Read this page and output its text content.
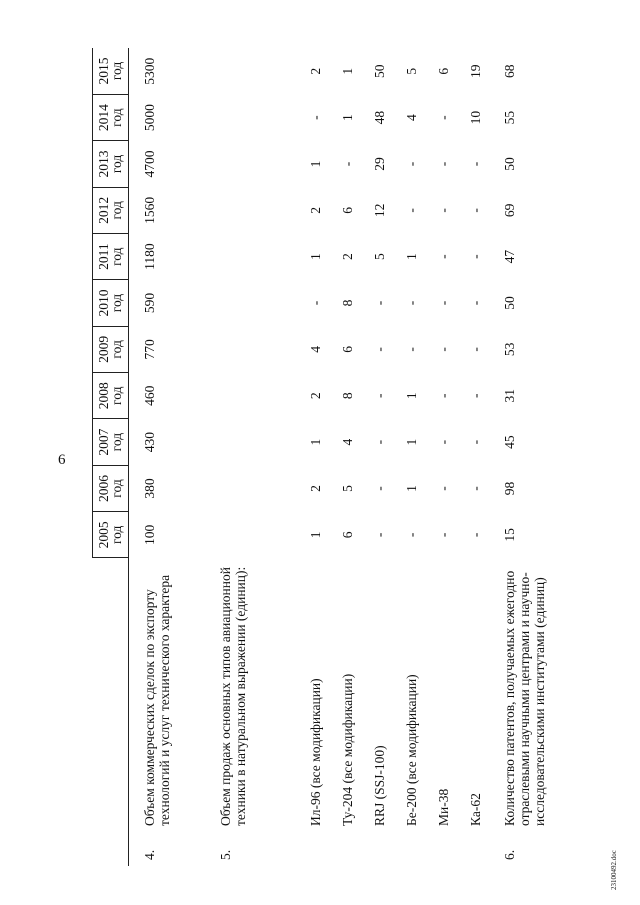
6
		2005 год	2006 год	2007 год	2008 год	2009 год	2010 год	2011 год	2012 год	2013 год	2014 год	2015 год
4.	Объем коммерческих сделок по экспорту технологий и услуг технического характера	100	380	430	460	770	590	1180	1560	4700	5000	5300
5.	Объем продаж основных типов авиационной техники в натуральном выражении (единиц):											
	Ил-96 (все модификации)	1	2	1	2	4	-	1	2	1	-	2
	Ту-204 (все модификации)	6	5	4	8	6	8	2	6	-	1	1
	RRJ (SSJ-100)	-	-	-	-	-	-	5	12	29	48	50
	Бе-200 (все модификации)	-	1	1	1	-	-	1	-	-	4	5
	Ми-38	-	-	-	-	-	-	-	-	-	-	6
	Ка-62	-	-	-	-	-	-	-	-	-	10	19
6.	Количество патентов, получаемых ежегодно отраслевыми научными центрами и научно-исследовательскими институтами (единиц)	15	98	45	31	53	50	47	69	50	55	68
23100492.doc
